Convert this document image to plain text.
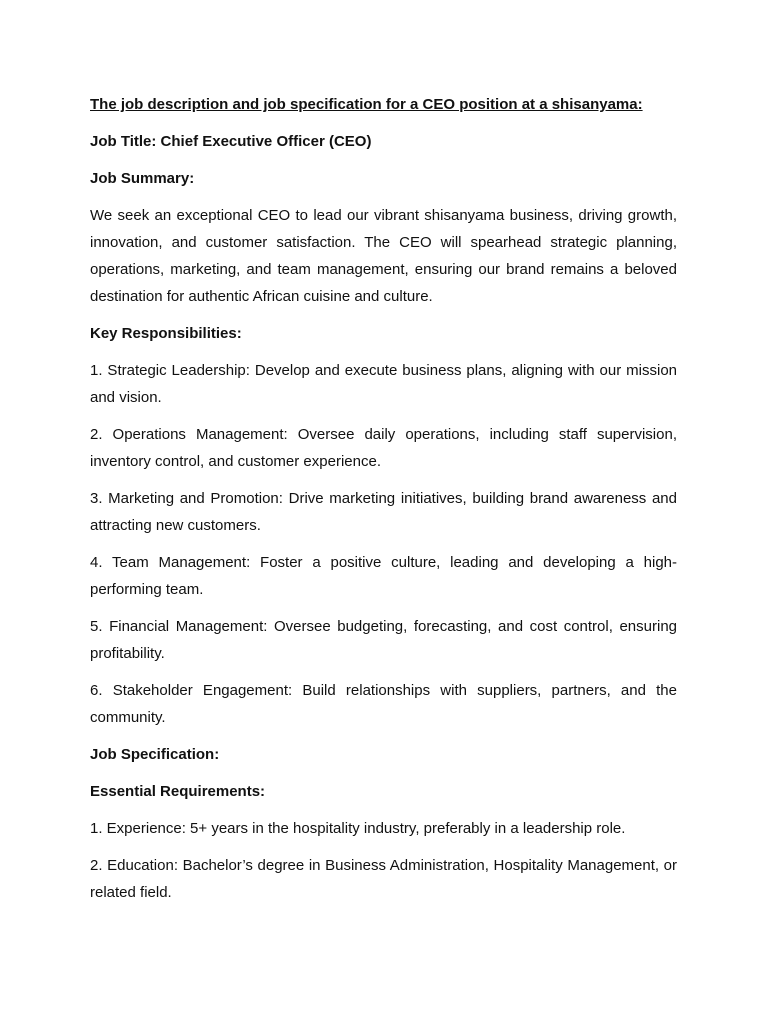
The job description and job specification for a CEO position at a shisanyama:

Job Title: Chief Executive Officer (CEO)

Job Summary:

We seek an exceptional CEO to lead our vibrant shisanyama business, driving growth, innovation, and customer satisfaction. The CEO will spearhead strategic planning, operations, marketing, and team management, ensuring our brand remains a beloved destination for authentic African cuisine and culture.

Key Responsibilities:

1. Strategic Leadership: Develop and execute business plans, aligning with our mission and vision.

2. Operations Management: Oversee daily operations, including staff supervision, inventory control, and customer experience.

3. Marketing and Promotion: Drive marketing initiatives, building brand awareness and attracting new customers.

4. Team Management: Foster a positive culture, leading and developing a high-performing team.

5. Financial Management: Oversee budgeting, forecasting, and cost control, ensuring profitability.

6. Stakeholder Engagement: Build relationships with suppliers, partners, and the community.

Job Specification:

Essential Requirements:

1. Experience: 5+ years in the hospitality industry, preferably in a leadership role.

2. Education: Bachelor’s degree in Business Administration, Hospitality Management, or related field.
